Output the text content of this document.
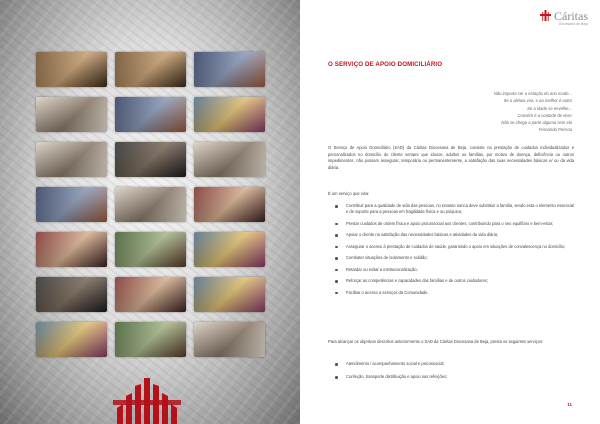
Cáritas
Diocesana de Beja
O SERVIÇO DE APOIO DOMICILIÁRIO
Não importa ser a estação do ano mudo...
Se o aleluia vira, e ao melhor é outro
Se a idade se envelhe...
Convém é a vontade de viver
Não se chega a parte alguma sem ela
Fernando Pessoa

O Serviço de Apoio Domiciliário (SAD) da Cáritas Diocesana de Beja, consiste na prestação de cuidados individualizados e personalizados no domicílio do cliente sempre que idosos, adultos ou famílias, por motivo de doença, deficiência ou outros impedimentos, não possam assegurar, temporária ou permanentemente, a satisfação das suas necessidades básicas e/ ou da vida diária.

É um serviço que visa:

Contribuir para a qualidade de vida das pessoas, no entanto nunca deve substituir a família, sendo esta o elemento essencial e de suporte para a pessoas em fragilidade física e ou psíquica;
Prestar cuidados de ordem física e apoio psicossocial aos clientes, contribuindo para o seu equilíbrio e bem-estar;
Apoiar o cliente na satisfação das necessidades básicas e atividades da vida diária;
Assegurar o acesso à prestação de cuidados de saúde, garantindo o apoio em situações de convalescença no domicílio;
Combater situações de isolamento e solidão;
Retardar ou evitar a institucionalização;
Reforçar as competências e capacidades das famílias e de outros cuidadores;
Facilitar o acesso a serviços da Comunidade.

Para alcançar os objetivos descritos anteriormente o SAD da Cáritas Diocesana de Beja, presta os seguintes serviços:

Atendimento / acompanhamento social e psicossocial;
Confeção, transporte distribuição e apoio nas refeições;
11
